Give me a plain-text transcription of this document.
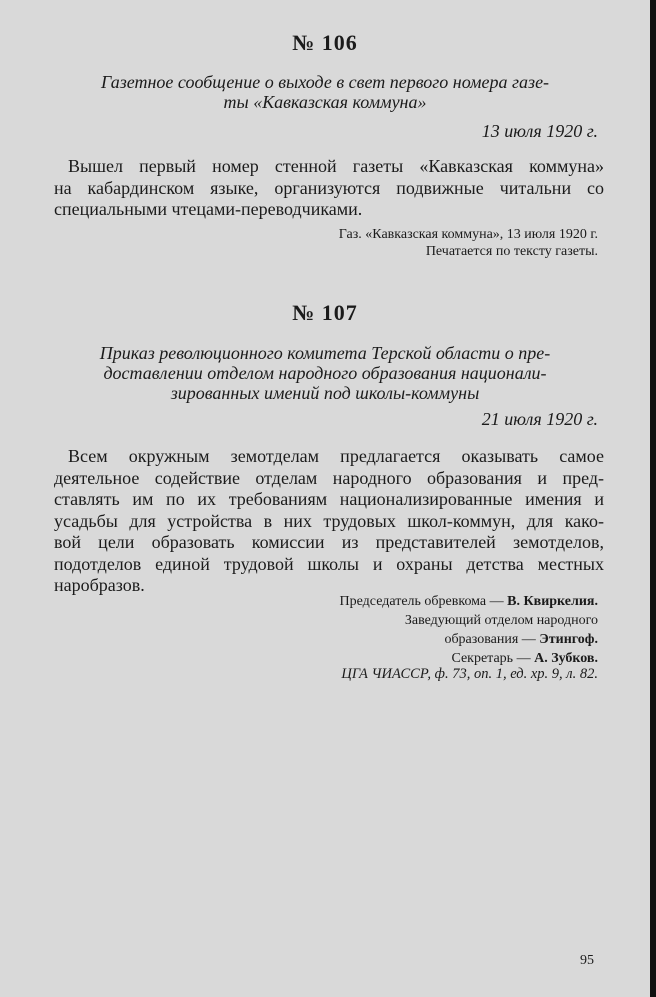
№ 106
Газетное сообщение о выходе в свет первого номера газе-
ты «Кавказская коммуна»
13 июля 1920 г.
Вышел первый номер стенной газеты «Кавказская коммуна»
на кабардинском языке, организуются подвижные читальни со
специальными чтецами-переводчиками.
Газ. «Кавказская коммуна», 13 июля 1920 г.
Печатается по тексту газеты.
№ 107
Приказ революционного комитета Терской области о пре-
доставлении отделом народного образования национали-
зированных имений под школы-коммуны
21 июля 1920 г.
Всем окружным земотделам предлагается оказывать самое
деятельное содействие отделам народного образования и пред-
ставлять им по их требованиям национализированные имения и
усадьбы для устройства в них трудовых школ-коммун, для како-
вой цели образовать комиссии из представителей земотделов,
подотделов единой трудовой школы и охраны детства местных
наробразов.
Председатель обревкома — В. Квиркелия.
Заведующий отделом народного
образования — Этингоф.
Секретарь — А. Зубков.
ЦГА ЧИАССР, ф. 73, оп. 1, ед. хр. 9, л. 82.
95
